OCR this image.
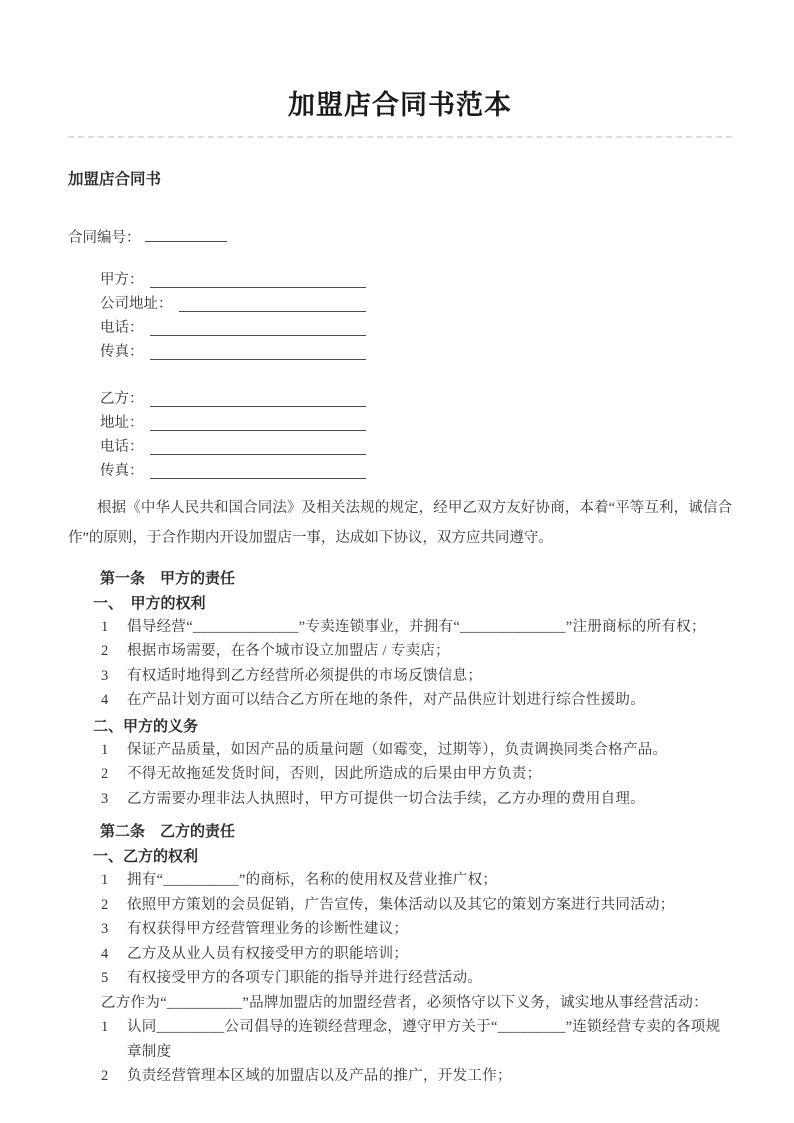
加盟店合同书范本
加盟店合同书
合同编号：
甲方：
公司地址：
电话：
传真：
乙方：
地址：
电话：
传真：

根据《中华人民共和国合同法》及相关法规的规定，经甲乙双方友好协商，本着“平等互利，诚信合作”的原则，于合作期内开设加盟店一事，达成如下协议，双方应共同遵守。

第一条　甲方的责任
一、　甲方的权利
1	倡导经营“______________”专卖连锁事业，并拥有“______________”注册商标的所有权；
2	根据市场需要，在各个城市设立加盟店 / 专卖店；
3	有权适时地得到乙方经营所必须提供的市场反馈信息；
4	在产品计划方面可以结合乙方所在地的条件，对产品供应计划进行综合性援助。
二、甲方的义务
1	保证产品质量，如因产品的质量问题（如霉变，过期等），负责调换同类合格产品。
2	不得无故拖延发货时间，否则，因此所造成的后果由甲方负责；
3	乙方需要办理非法人执照时，甲方可提供一切合法手续，乙方办理的费用自理。
第二条　乙方的责任
一、乙方的权利
1	拥有“__________”的商标，名称的使用权及营业推广权；
2	依照甲方策划的会员促销，广告宣传，集体活动以及其它的策划方案进行共同活动；
3	有权获得甲方经营管理业务的诊断性建议；
4	乙方及从业人员有权接受甲方的职能培训；
5	有权接受甲方的各项专门职能的指导并进行经营活动。
乙方作为“__________”品牌加盟店的加盟经营者，必须恪守以下义务，诚实地从事经营活动：
1	认同_________公司倡导的连锁经营理念，遵守甲方关于“_________”连锁经营专卖的各项规章制度
2	负责经营管理本区域的加盟店以及产品的推广，开发工作；
